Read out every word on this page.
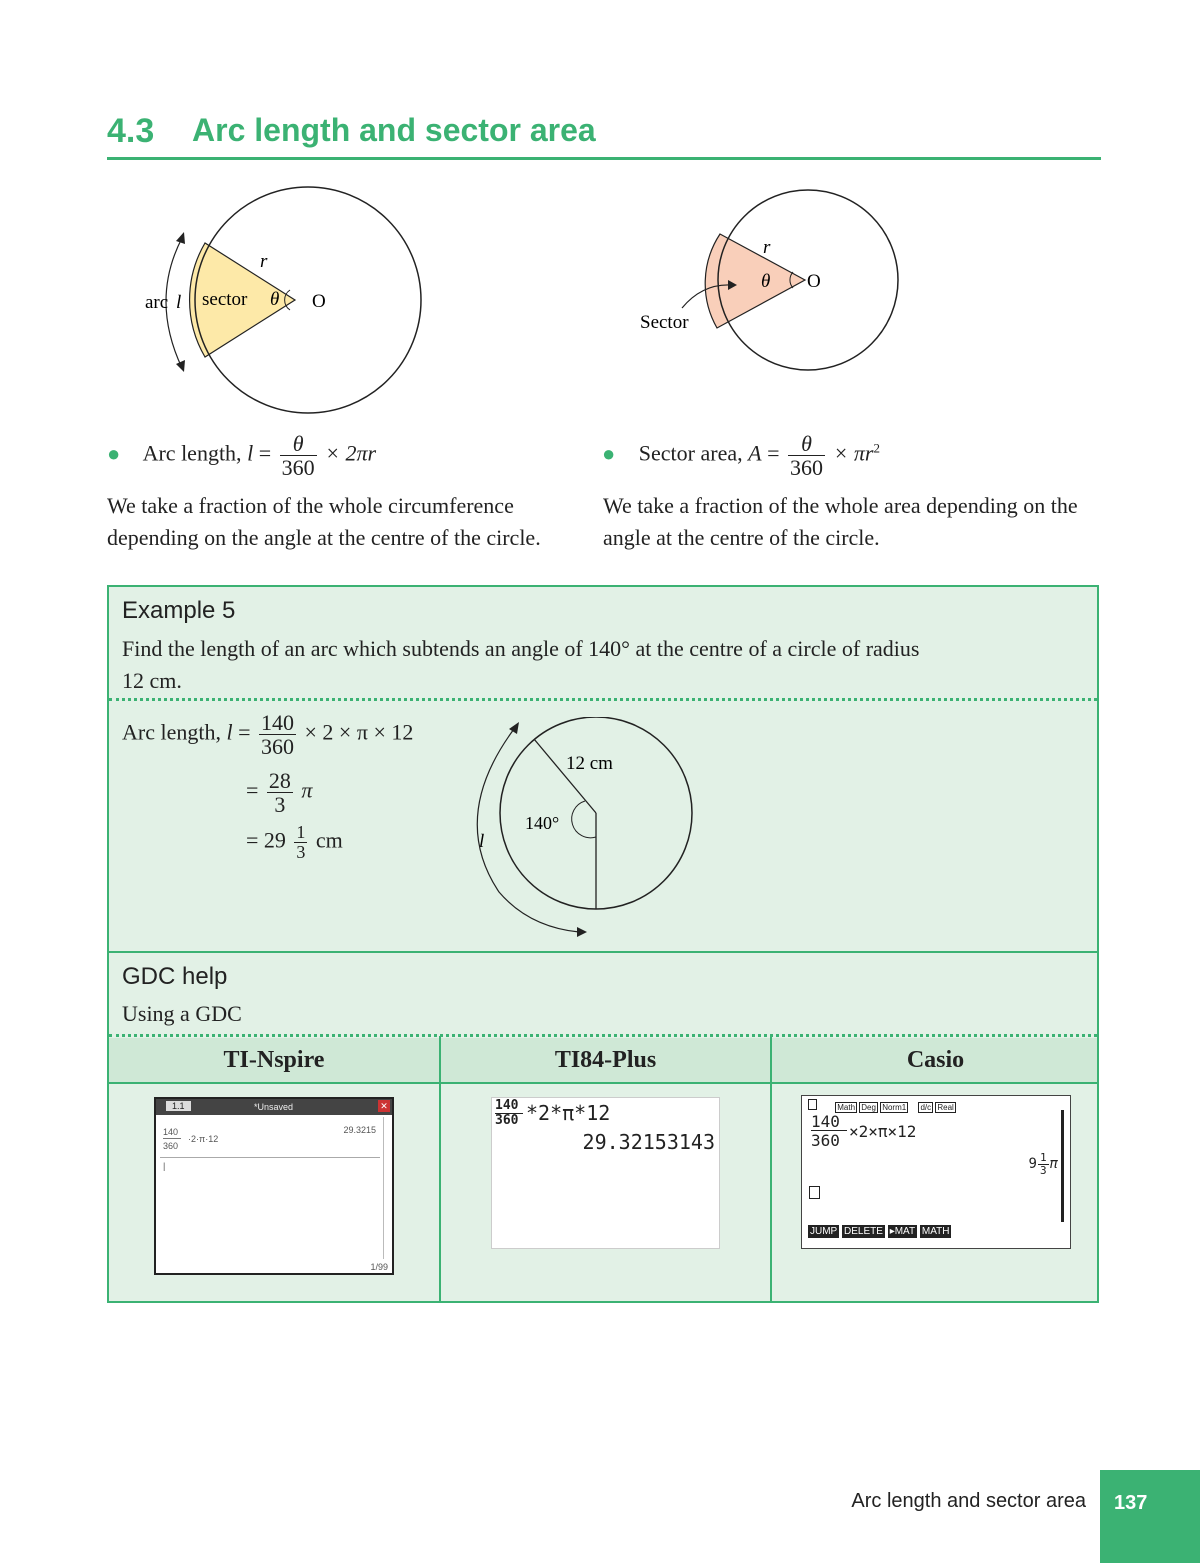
4.3 Arc length and sector area
arc l sector θ
r
O
Sector
θ
r
O
● Arc length, $l = \frac{\theta}{360} \times 2\pi r$
We take a fraction of the whole circumference depending on the angle at the centre of the circle.
● Sector area, $A = \frac{\theta}{360} \times \pi r^2$
We take a fraction of the whole area depending on the angle at the centre of the circle.
Example 5
Find the length of an arc which subtends an angle of 140° at the centre of a circle of radius 12 cm.
Arc length, $l = \frac{140}{360} \times 2 \times \pi \times 12$
= $\frac{28}{3}$ π
= $29 \frac{1}{3}$ cm
12 cm
140°
l
GDC help
Using a GDC
TI-Nspire	TI84-Plus	Casio
1.1	*Unsaved	✕
140
360
·2·π·12
29.3215
|
1/99
140
360 *2*π*12
29.32153143
Math Deg Norm1 d/c Real
140
360 ×2×π×12
$9 \frac{1}{3}$ π
JUMP DELETE ▸MAT MATH
Arc length and sector area 137
